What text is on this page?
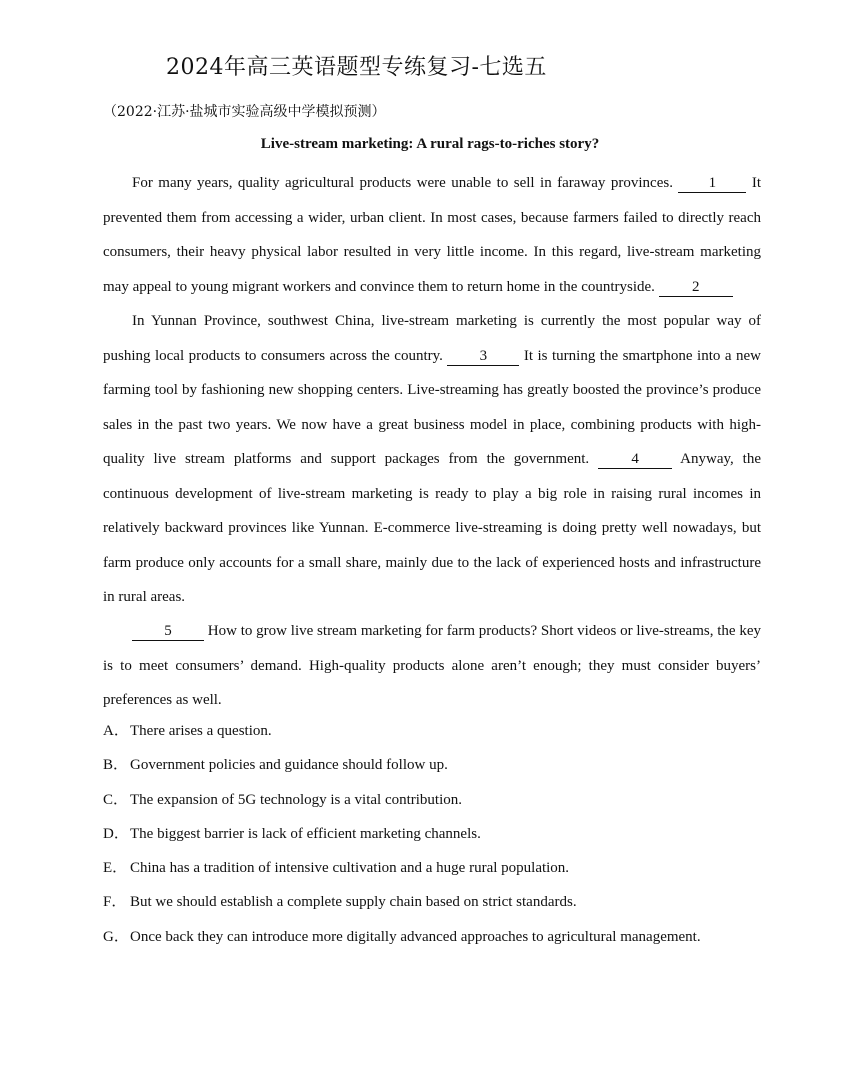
2024年高三英语题型专练复习-七选五
（2022·江苏·盐城市实验高级中学模拟预测）
Live-stream marketing: A rural rags-to-riches story?

For many years, quality agricultural products were unable to sell in faraway provinces. 1 It prevented them from accessing a wider, urban client. In most cases, because farmers failed to directly reach consumers, their heavy physical labor resulted in very little income. In this regard, live-stream marketing may appeal to young migrant workers and convince them to return home in the countryside. 2

In Yunnan Province, southwest China, live-stream marketing is currently the most popular way of pushing local products to consumers across the country. 3 It is turning the smartphone into a new farming tool by fashioning new shopping centers. Live-streaming has greatly boosted the province’s produce sales in the past two years. We now have a great business model in place, combining products with high-quality live stream platforms and support packages from the government.	4	Anyway, the continuous development of live-stream marketing is ready to play a big role in raising rural incomes in relatively backward provinces like Yunnan. E-commerce live-streaming is doing pretty well nowadays, but farm produce only accounts for a small share, mainly due to the lack of experienced hosts and infrastructure in rural areas.

5 How to grow live stream marketing for farm products? Short videos or live-streams, the key is to meet consumers’ demand. High-quality products alone aren’t enough; they must consider buyers’ preferences as well.

A．There arises a question.
B． Government policies and guidance should follow up.
C． The expansion of 5G technology is a vital contribution.
D．The biggest barrier is lack of efficient marketing channels.
E． China has a tradition of intensive cultivation and a huge rural population.
F． But we should establish a complete supply chain based on strict standards.
G．Once back they can introduce more digitally advanced approaches to agricultural management.
